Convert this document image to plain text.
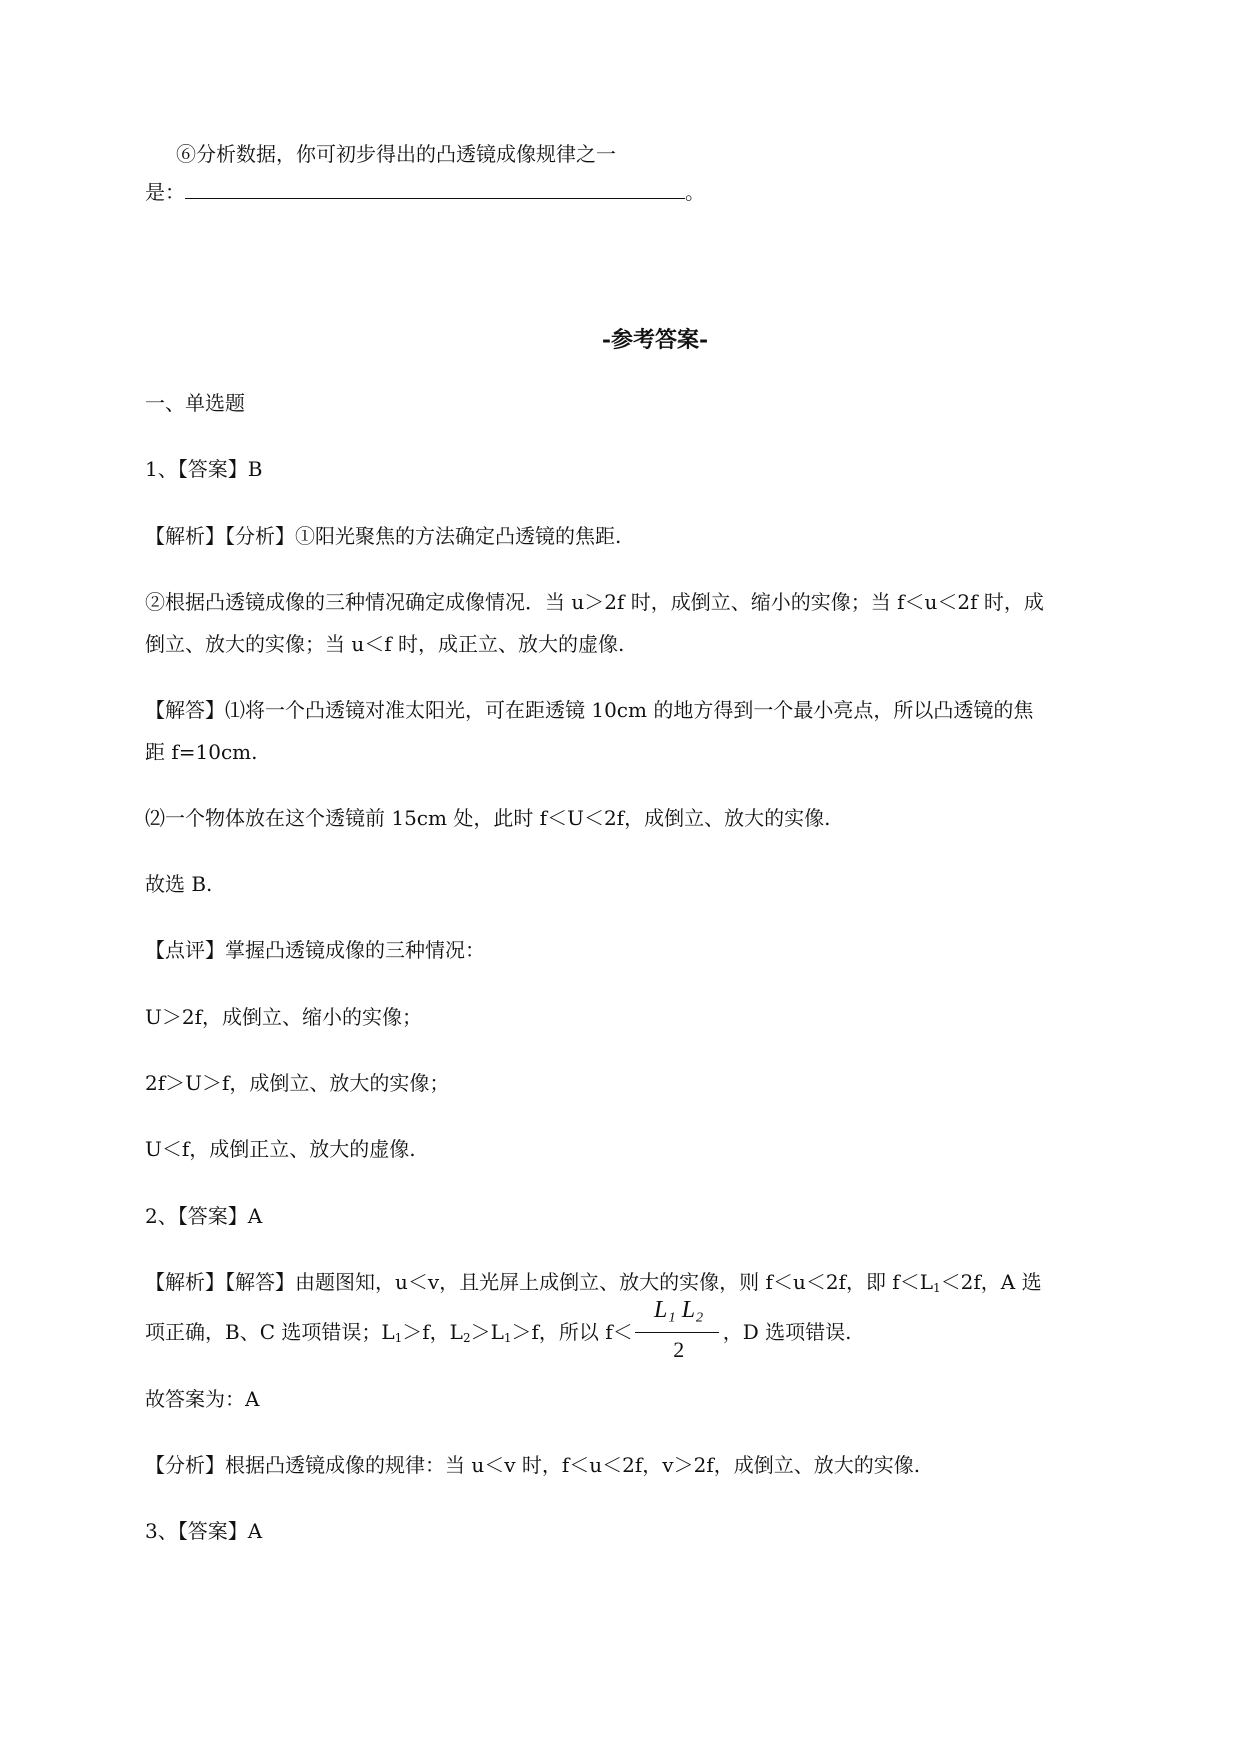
⑥分析数据，你可初步得出的凸透镜成像规律之一
是：	。
-参考答案-
一、单选题
1、【答案】B
【解析】【分析】①阳光聚焦的方法确定凸透镜的焦距.
②根据凸透镜成像的三种情况确定成像情况．当 u＞2f 时，成倒立、缩小的实像；当 f＜u＜2f 时，成
倒立、放大的实像；当 u＜f 时，成正立、放大的虚像.
【解答】⑴将一个凸透镜对准太阳光，可在距透镜 10cm 的地方得到一个最小亮点，所以凸透镜的焦
距 f=10cm.
⑵一个物体放在这个透镜前 15cm 处，此时 f＜U＜2f，成倒立、放大的实像.
故选 B.
【点评】掌握凸透镜成像的三种情况：
U＞2f，成倒立、缩小的实像；
2f＞U＞f，成倒立、放大的实像；
U＜f，成倒正立、放大的虚像.
2、【答案】A
【解析】【解答】由题图知，u＜v，且光屏上成倒立、放大的实像，则 f＜u＜2f，即 $f<L_1<2f$，A 选
项正确，B、C 选项错误；$L_1>f$，$L_2>L_1>f$，所以 $f< \frac{\text{L₁ L₂}}{2}$ ，D 选项错误.
故答案为：A
【分析】根据凸透镜成像的规律：当 u＜v 时，f＜u＜2f，v＞2f，成倒立、放大的实像.
3、【答案】A
